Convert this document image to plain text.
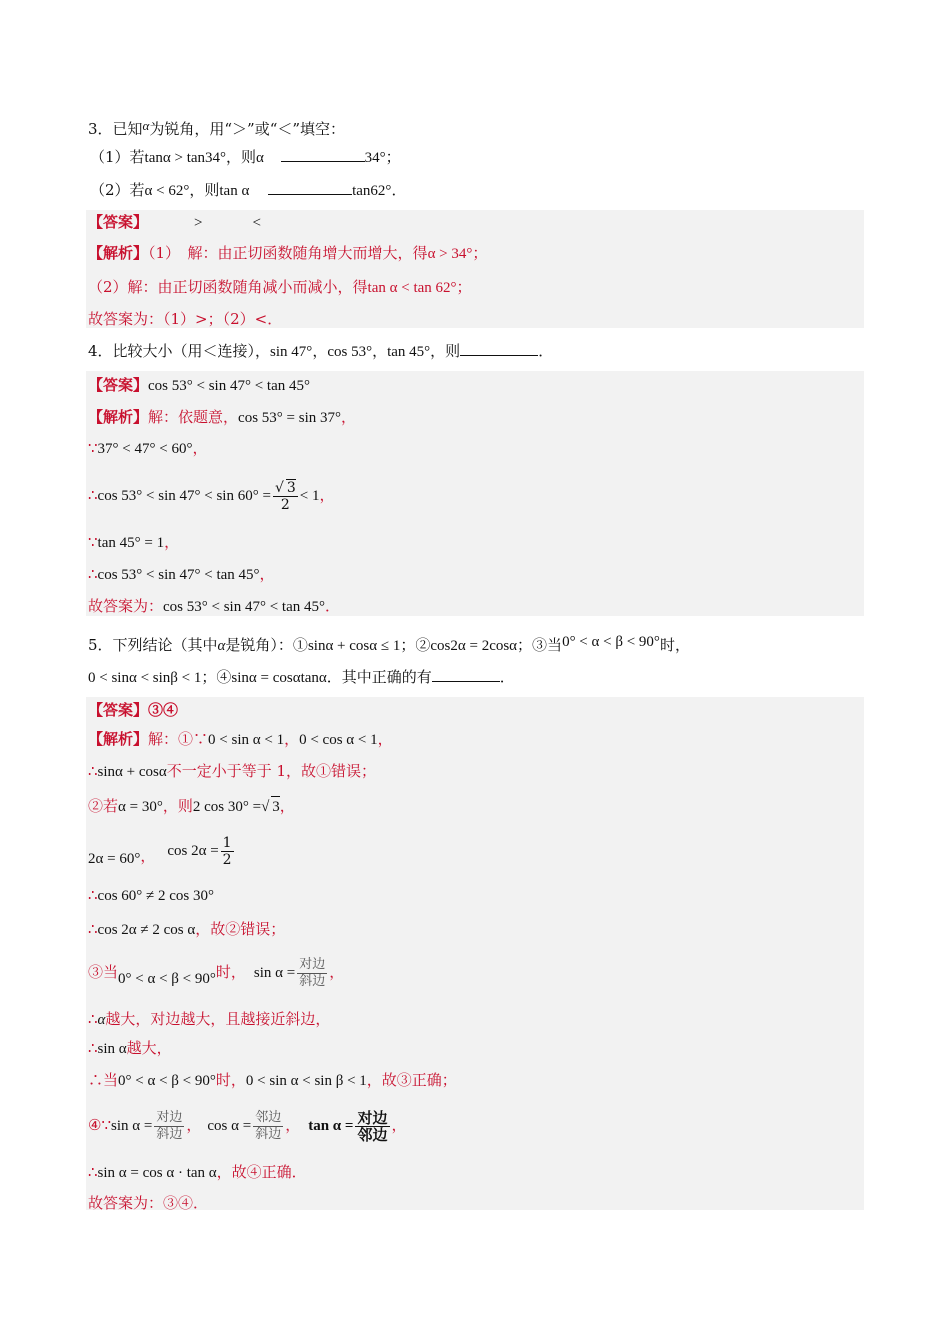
3．已知α为锐角，用“＞”或“＜”填空：
（1）若tanα > tan34°，则α	34°；
（2）若α < 62°，则tan α	tan62°．
【答案】	>	<
【解析】（1）　解：由正切函数随角增大而增大，得α > 34°；
（2）解：由正切函数随角减小而减小，得tan α < tan 62°；
故答案为：（1）>；（2）<．
4．比较大小（用＜连接），sin 47°，cos 53°，tan 45°，则	．
【答案】cos 53° < sin 47° < tan 45°
【解析】解：依题意，cos 53° = sin 37°，
∵37° < 47° < 60°，
∴cos $53^\circ < \sin 47^\circ < \sin 60^\circ = \frac{√ 3}{2} < 1$，
∵tan 45° = 1，
∴cos 53° < sin 47° < tan 45°，
故答案为：cos 53° < sin 47° < tan 45°．
5．下列结论（其中α是锐角）：①sinα + cosα ≤ 1；②cos2α = 2cosα；③当0° < α < β < 90°时，
0 < sinα < sinβ < 1；④sinα = cosαtanα．其中正确的有	．
【答案】③④
【解析】解：①∵0 < sin α < 1，0 < cos α < 1，
∴sinα + cosα不一定小于等于 1，故①错误；
②若α = 30°，则2 cos 30° =√ 3，
2α = 60°， $\cos 2\alpha = \frac{1}{2}$
∴cos 60° ≠ 2 cos 30°
∴cos 2α ≠ 2 cos α，故②错误；
③当0° < α < β < 90°时， $\sin \alpha = \frac{\text{对边}}{\text{斜边}}$ ，
∴α越大，对边越大，且越接近斜边，
∴sin α越大，
∴当0° < α < β < 90°时，0 < sin α < sin β < 1，故③正确；
④∵sin $\alpha = \frac{\text{对边}}{\text{斜边}}$ ， $\cos \alpha = \frac{\text{邻边}}{\text{斜边}}$ ， $\tan \alpha = \frac{\text{对边}}{\text{邻边}}$ ，
∴sin α = cos α · tan α，故④正确．
故答案为：③④．
